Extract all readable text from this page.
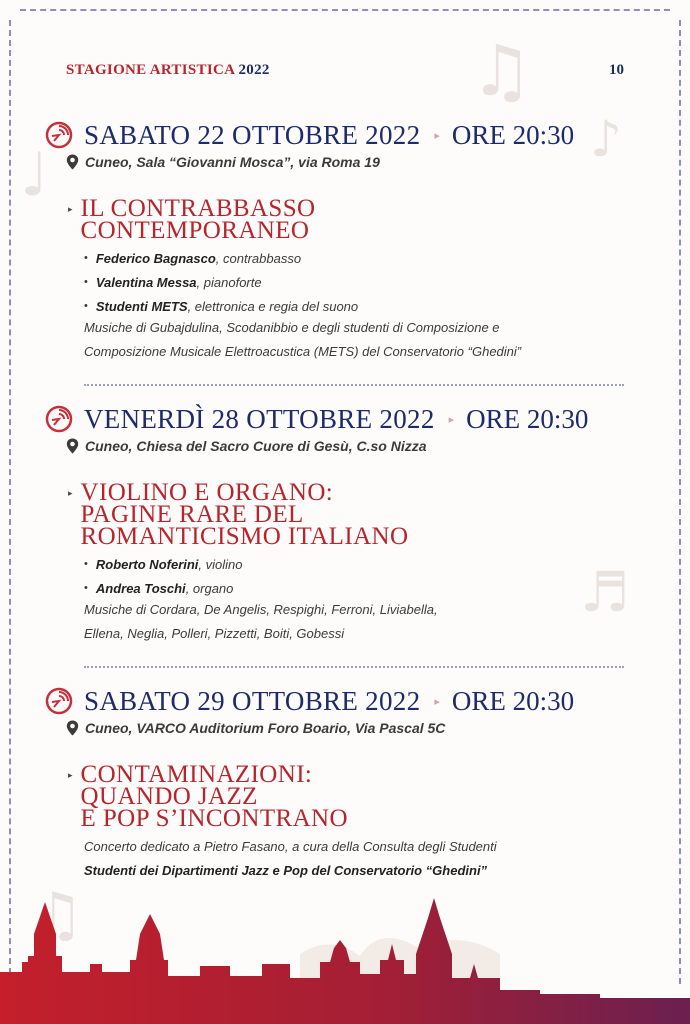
♫
♪
♩
♬
♫
STAGIONE ARTISTICA 2022	10
SABATO 22 OTTOBRE 2022 ▸ ORE 20:30
Cuneo, Sala “Giovanni Mosca”, via Roma 19
▸ IL CONTRABBASSO
CONTEMPORANEO
• Federico Bagnasco , contrabbasso
• Valentina Messa , pianoforte
• Studenti METS , elettronica e regia del suono
Musiche di Gubajdulina, Scodanibbio e degli studenti di Composizione e
Composizione Musicale Elettroacustica (METS) del Conservatorio “Ghedini”
VENERDÌ 28 OTTOBRE 2022 ▸ ORE 20:30
Cuneo, Chiesa del Sacro Cuore di Gesù, C.so Nizza
▸ VIOLINO E ORGANO:
PAGINE RARE DEL
ROMANTICISMO ITALIANO
• Roberto Noferini , violino
• Andrea Toschi , organo
Musiche di Cordara, De Angelis, Respighi, Ferroni, Liviabella,
Ellena, Neglia, Polleri, Pizzetti, Boiti, Gobessi
SABATO 29 OTTOBRE 2022 ▸ ORE 20:30
Cuneo, VARCO Auditorium Foro Boario, Via Pascal 5C
▸ CONTAMINAZIONI:
QUANDO JAZZ
E POP S’INCONTRANO
Concerto dedicato a Pietro Fasano, a cura della Consulta degli Studenti
Studenti dei Dipartimenti Jazz e Pop del Conservatorio “Ghedini”
